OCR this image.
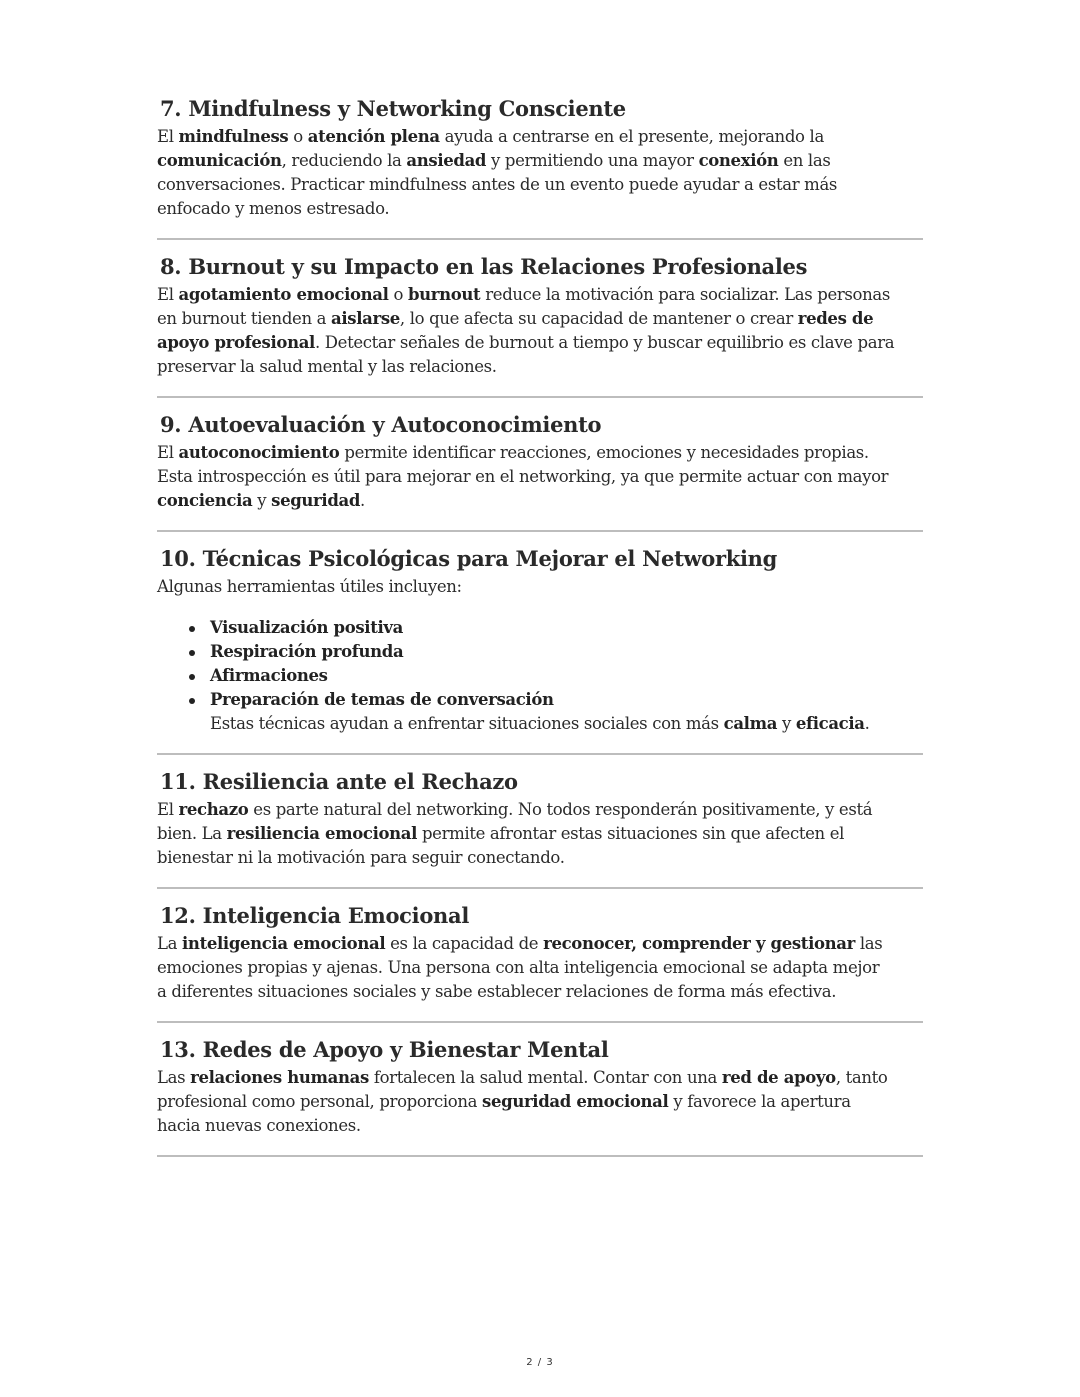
7. Mindfulness y Networking Consciente
El mindfulness o atención plena ayuda a centrarse en el presente, mejorando la
comunicación, reduciendo la ansiedad y permitiendo una mayor conexión en las
conversaciones. Practicar mindfulness antes de un evento puede ayudar a estar más
enfocado y menos estresado.
8. Burnout y su Impacto en las Relaciones Profesionales
El agotamiento emocional o burnout reduce la motivación para socializar. Las personas
en burnout tienden a aislarse, lo que afecta su capacidad de mantener o crear redes de
apoyo profesional. Detectar señales de burnout a tiempo y buscar equilibrio es clave para
preservar la salud mental y las relaciones.
9. Autoevaluación y Autoconocimiento
El autoconocimiento permite identificar reacciones, emociones y necesidades propias.
Esta introspección es útil para mejorar en el networking, ya que permite actuar con mayor
conciencia y seguridad.
10. Técnicas Psicológicas para Mejorar el Networking
Algunas herramientas útiles incluyen:
Visualización positiva
Respiración profunda
Afirmaciones
Preparación de temas de conversación
Estas técnicas ayudan a enfrentar situaciones sociales con más calma y eficacia.
11. Resiliencia ante el Rechazo
El rechazo es parte natural del networking. No todos responderán positivamente, y está
bien. La resiliencia emocional permite afrontar estas situaciones sin que afecten el
bienestar ni la motivación para seguir conectando.
12. Inteligencia Emocional
La inteligencia emocional es la capacidad de reconocer, comprender y gestionar las
emociones propias y ajenas. Una persona con alta inteligencia emocional se adapta mejor
a diferentes situaciones sociales y sabe establecer relaciones de forma más efectiva.
13. Redes de Apoyo y Bienestar Mental
Las relaciones humanas fortalecen la salud mental. Contar con una red de apoyo, tanto
profesional como personal, proporciona seguridad emocional y favorece la apertura
hacia nuevas conexiones.
2 / 3
